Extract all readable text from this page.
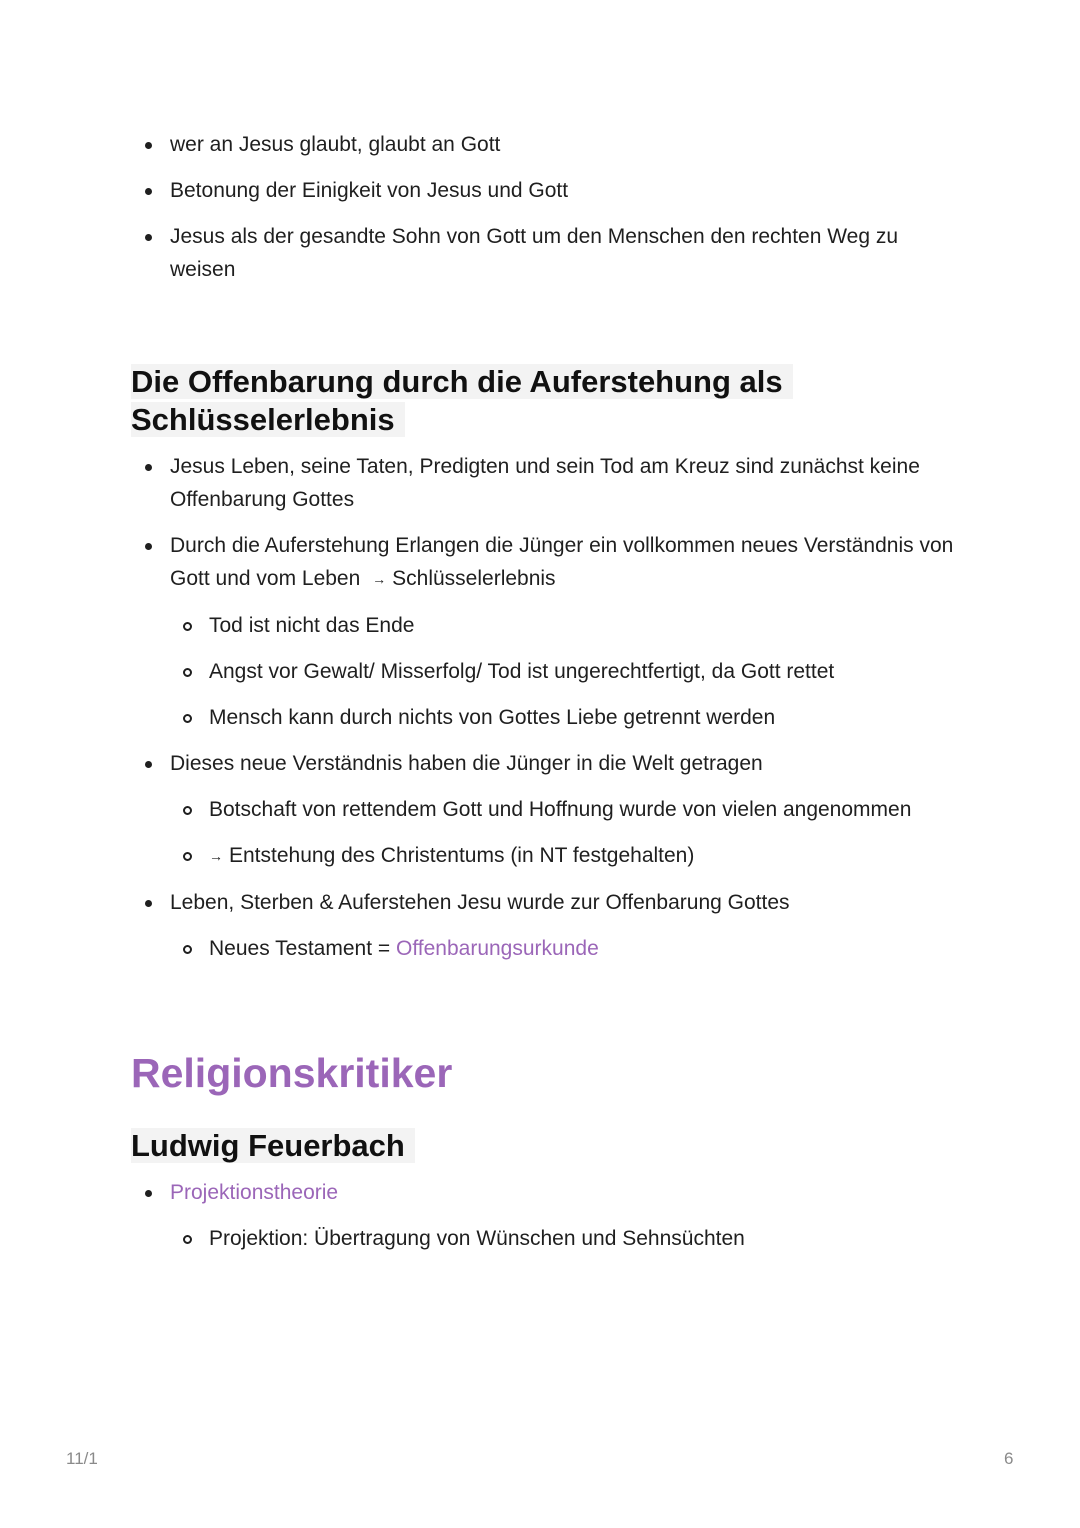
wer an Jesus glaubt, glaubt an Gott
Betonung der Einigkeit von Jesus und Gott
Jesus als der gesandte Sohn von Gott um den Menschen den rechten Weg zu weisen
Die Offenbarung durch die Auferstehung als Schlüsselerlebnis
Jesus Leben, seine Taten, Predigten und sein Tod am Kreuz sind zunächst keine Offenbarung Gottes
Durch die Auferstehung Erlangen die Jünger ein vollkommen neues Verständnis von Gott und vom Leben → Schlüsselerlebnis
Tod ist nicht das Ende
Angst vor Gewalt/ Misserfolg/ Tod ist ungerechtfertigt, da Gott rettet
Mensch kann durch nichts von Gottes Liebe getrennt werden
Dieses neue Verständnis haben die Jünger in die Welt getragen
Botschaft von rettendem Gott und Hoffnung wurde von vielen angenommen
→ Entstehung des Christentums (in NT festgehalten)
Leben, Sterben & Auferstehen Jesu wurde zur Offenbarung Gottes
Neues Testament = Offenbarungsurkunde
Religionskritiker
Ludwig Feuerbach
Projektionstheorie
Projektion: Übertragung von Wünschen und Sehnsüchten
11/1	6
